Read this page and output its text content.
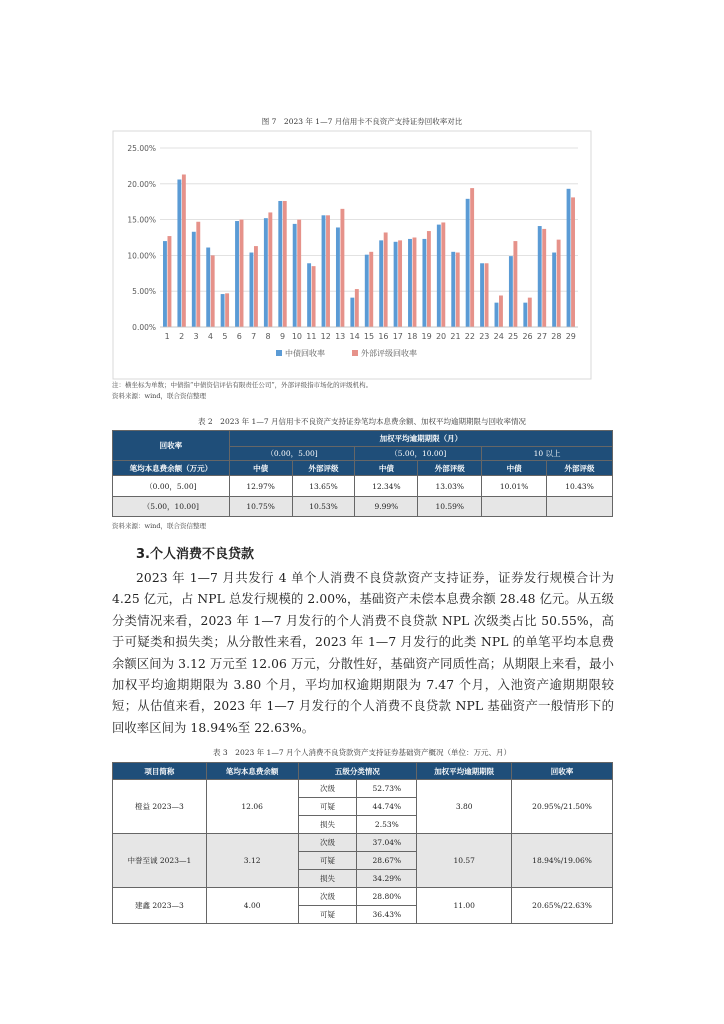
图 7　2023 年 1—7 月信用卡不良资产支持证券回收率对比
0.00%
5.00%
10.00%
15.00%
20.00%
25.00%
1 2 3 4 5 6 7 8 9 10 11 12 13 14 15 16 17 18 19 20 21 22 23 24 25 26 27 28 29
中债回收率	外部评级回收率
注：横坐标为单数；中债指“中债资信评估有限责任公司”，外部评级指市场化的评级机构。
资料来源：wind，联合资信整理
表 2　2023 年 1—7 月信用卡不良资产支持证券笔均本息费余额、加权平均逾期期限与回收率情况
回收率	加权平均逾期期限（月）					
	（0.00，5.00]		（5.00，10.00]		10 以上	
笔均本息费余额（万元）	中债	外部评级	中债	外部评级	中债	外部评级
（0.00，5.00]	12.97%	13.65%	12.34%	13.03%	10.01%	10.43%
（5.00，10.00]	10.75%	10.53%	9.99%	10.59%		
资料来源：wind，联合资信整理
3.个人消费不良贷款

2023 年 1—7 月共发行 4 单个人消费不良贷款资产支持证券，证券发行规模合计为 4.25 亿元，占 NPL 总发行规模的 2.00%，基础资产未偿本息费余额 28.48 亿元。从五级分类情况来看，2023 年 1—7 月发行的个人消费不良贷款 NPL 次级类占比 50.55%，高于可疑类和损失类；从分散性来看，2023 年 1—7 月发行的此类 NPL 的单笔平均本息费余额区间为 3.12 万元至 12.06 万元，分散性好，基础资产同质性高；从期限上来看，最小加权平均逾期期限为 3.80 个月，平均加权逾期期限为 7.47 个月，入池资产逾期期限较短；从估值来看，2023 年 1—7 月发行的个人消费不良贷款 NPL 基础资产一般情形下的回收率区间为 18.94%至 22.63%。

表 3　2023 年 1—7 月个人消费不良贷款资产支持证券基础资产概况（单位：万元、月）
项目简称	笔均本息费余额	五级分类情况		加权平均逾期期限	回收率
橙益 2023—3	12.06	次级	52.73%	3.80	20.95%/21.50%
		可疑	44.74%		
		损失	2.53%		
中誉至诚 2023—1	3.12	次级	37.04%	10.57	18.94%/19.06%
		可疑	28.67%		
		损失	34.29%		
建鑫 2023—3	4.00	次级	28.80%	11.00	20.65%/22.63%
		可疑	36.43%		
